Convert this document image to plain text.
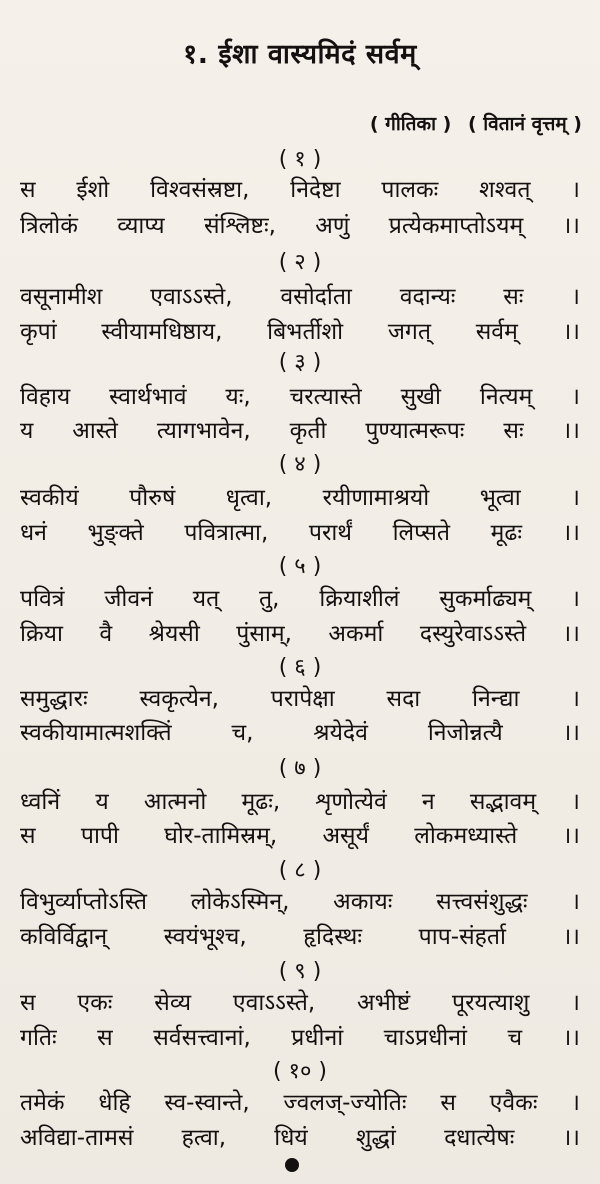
१. ईशा वास्यमिदं सर्वम्
( गीतिका ) ( वितानं वृत्तम् )
( १ )
स ईशो विश्वसंस्रष्टा, निदेष्टा पालकः शश्वत् ।
त्रिलोकं व्याप्य संश्लिष्टः, अणुं प्रत्येकमाप्तोऽयम् ।।
( २ )
वसूनामीश एवाऽऽस्ते, वसोर्दाता वदान्यः सः ।
कृपां स्वीयामधिष्ठाय, बिभर्तीशो जगत् सर्वम् ।।
( ३ )
विहाय स्वार्थभावं यः, चरत्यास्ते सुखी नित्यम् ।
य आस्ते त्यागभावेन, कृती पुण्यात्मरूपः सः ।।
( ४ )
स्वकीयं पौरुषं धृत्वा, रयीणामाश्रयो भूत्वा ।
धनं भुङ्क्ते पवित्रात्मा, परार्थं लिप्सते मूढः ।।
( ५ )
पवित्रं जीवनं यत् तु, क्रियाशीलं सुकर्माढ्यम् ।
क्रिया वै श्रेयसी पुंसाम्, अकर्मा दस्युरेवाऽऽस्ते ।।
( ६ )
समुद्धारः स्वकृत्येन, परापेक्षा सदा निन्द्या ।
स्वकीयामात्मशक्तिं च, श्रयेदेवं निजोन्नत्यै ।।
( ७ )
ध्वनिं य आत्मनो मूढः, शृणोत्येवं न सद्भावम् ।
स पापी घोर-तामिस्रम्, असूर्यं लोकमध्यास्ते ।।
( ८ )
विभुर्व्याप्तोऽस्ति लोकेऽस्मिन्, अकायः सत्त्वसंशुद्धः ।
कविर्विद्वान् स्वयंभूश्च, हृदिस्थः पाप-संहर्ता ।।
( ९ )
स एकः सेव्य एवाऽऽस्ते, अभीष्टं पूरयत्याशु ।
गतिः स सर्वसत्त्वानां, प्रधीनां चाऽप्रधीनां च ।।
( १० )
तमेकं धेहि स्व-स्वान्ते, ज्वलज्-ज्योतिः स एवैकः ।
अविद्या-तामसं हत्वा, धियं शुद्धां दधात्येषः ।।
